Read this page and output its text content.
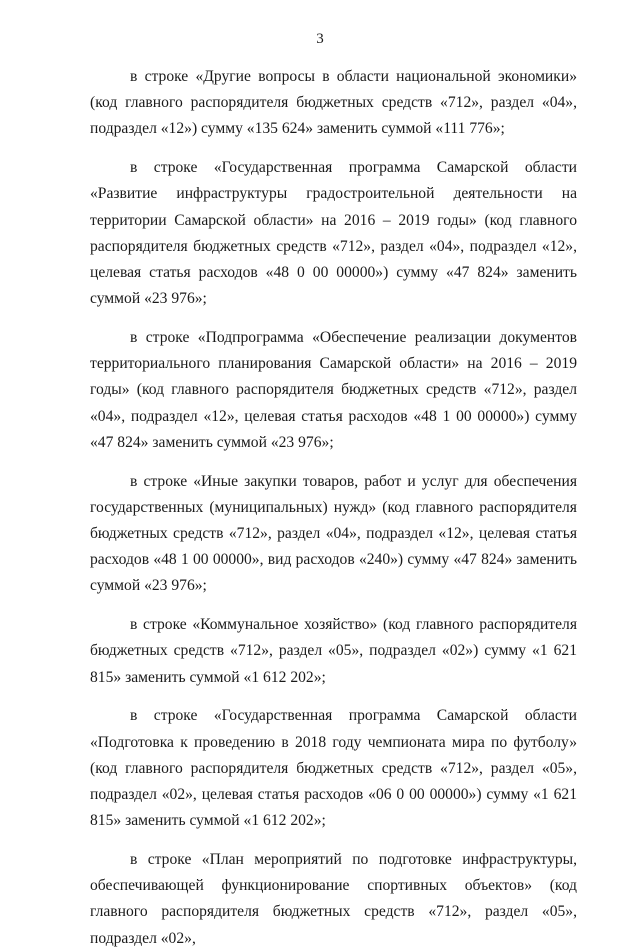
3

в строке «Другие вопросы в области национальной экономики» (код главного распорядителя бюджетных средств «712», раздел «04», подраздел «12») сумму «135 624» заменить суммой «111 776»;

в строке «Государственная программа Самарской области «Развитие инфраструктуры градостроительной деятельности на территории Самарской области» на 2016 – 2019 годы» (код главного распорядителя бюджетных средств «712», раздел «04», подраздел «12», целевая статья расходов «48 0 00 00000») сумму «47 824» заменить суммой «23 976»;

в строке «Подпрограмма «Обеспечение реализации документов территориального планирования Самарской области» на 2016 – 2019 годы» (код главного распорядителя бюджетных средств «712», раздел «04», подраздел «12», целевая статья расходов «48 1 00 00000») сумму «47 824» заменить суммой «23 976»;

в строке «Иные закупки товаров, работ и услуг для обеспечения государственных (муниципальных) нужд» (код главного распорядителя бюджетных средств «712», раздел «04», подраздел «12», целевая статья расходов «48 1 00 00000», вид расходов «240») сумму «47 824» заменить суммой «23 976»;

в строке «Коммунальное хозяйство» (код главного распорядителя бюджетных средств «712», раздел «05», подраздел «02») сумму «1 621 815» заменить суммой «1 612 202»;

в строке «Государственная программа Самарской области «Подготовка к проведению в 2018 году чемпионата мира по футболу» (код главного распорядителя бюджетных средств «712», раздел «05», подраздел «02», целевая статья расходов «06 0 00 00000») сумму «1 621 815» заменить суммой «1 612 202»;

в строке «План мероприятий по подготовке инфраструктуры, обеспечивающей функционирование спортивных объектов» (код главного распорядителя бюджетных средств «712», раздел «05», подраздел «02»,
